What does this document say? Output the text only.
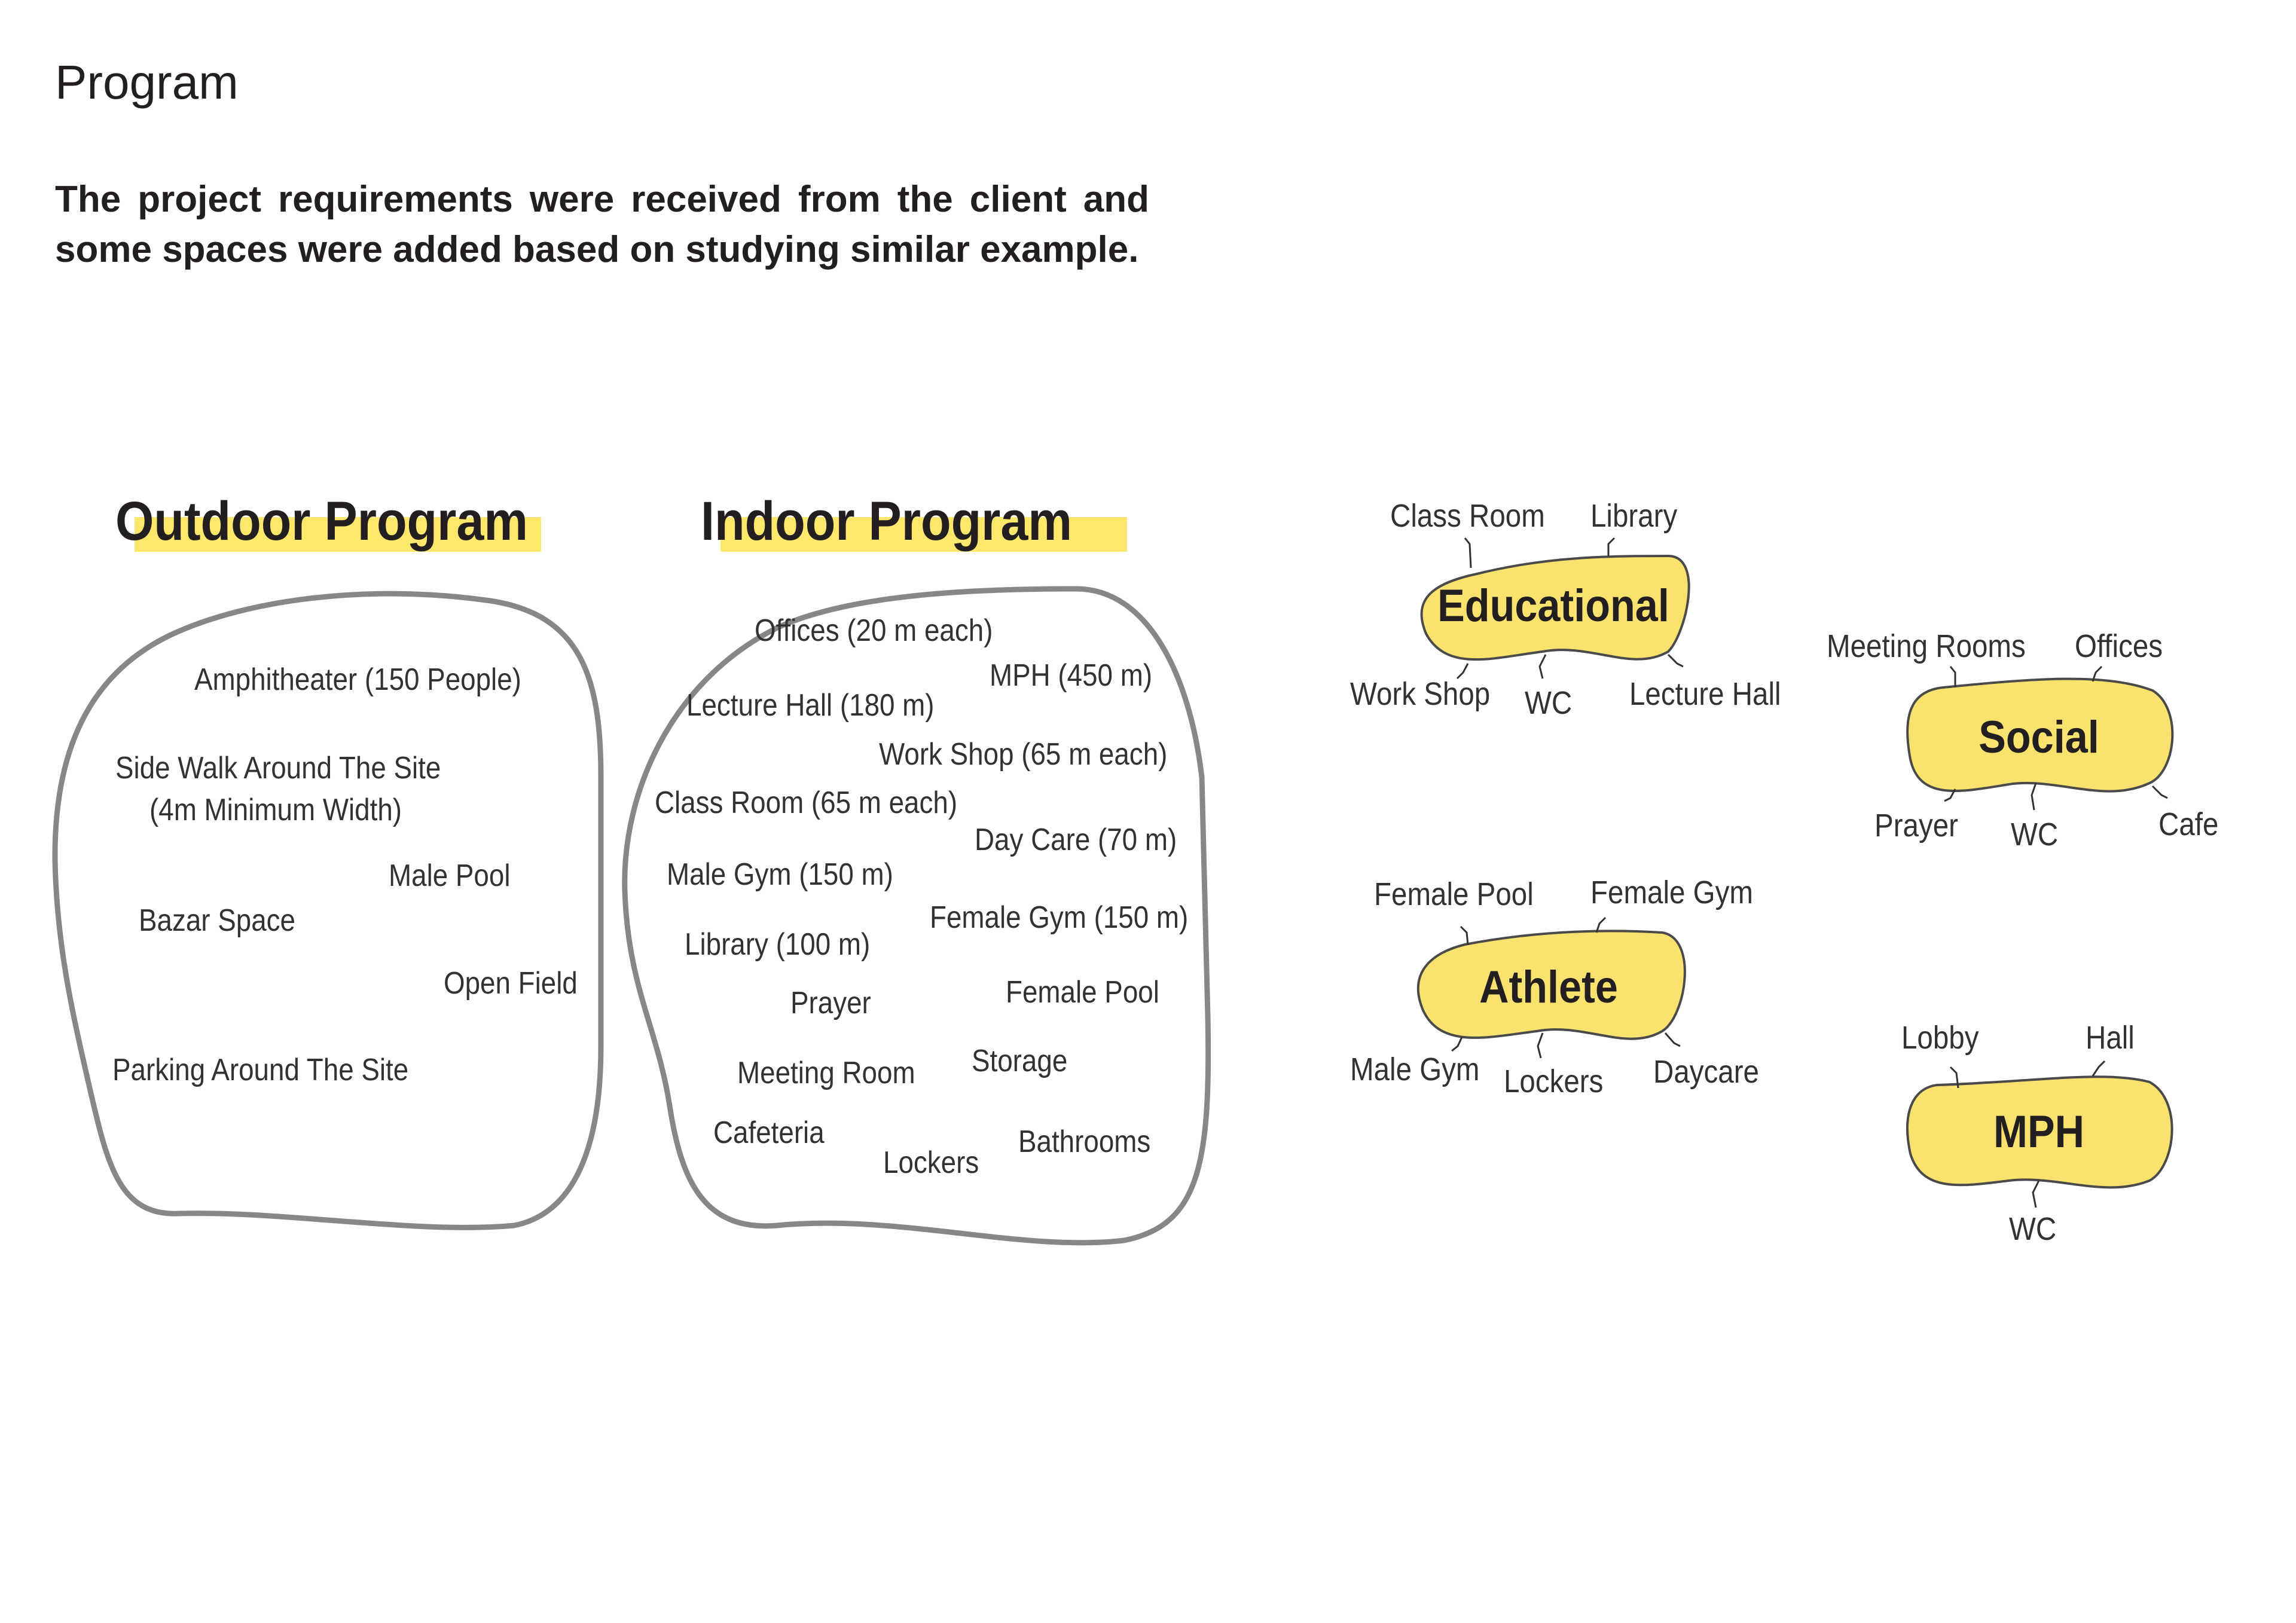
Program
The project requirements were received from the client and some spaces were added based on studying similar example.
Outdoor Program	Indoor Program
Amphitheater (150 People)
Side Walk Around The Site
(4m Minimum Width)
Male Pool
Bazar Space
Open Field
Parking Around The Site
Offices (20 m each)
MPH (450 m)
Lecture Hall (180 m)
Work Shop (65 m each)
Class Room (65 m each)
Day Care (70 m)
Male Gym (150 m)
Female Gym (150 m)
Library (100 m)
Prayer	Female Pool
Meeting Room Storage
Cafeteria	Bathrooms
Lockers
Educational
Class Room Library
Work Shop WC Lecture Hall
Social
Meeting Rooms Offices
Prayer WC	Cafe
Athlete
Female Pool Female Gym
Male Gym Lockers Daycare
MPH
Lobby	Hall
WC
